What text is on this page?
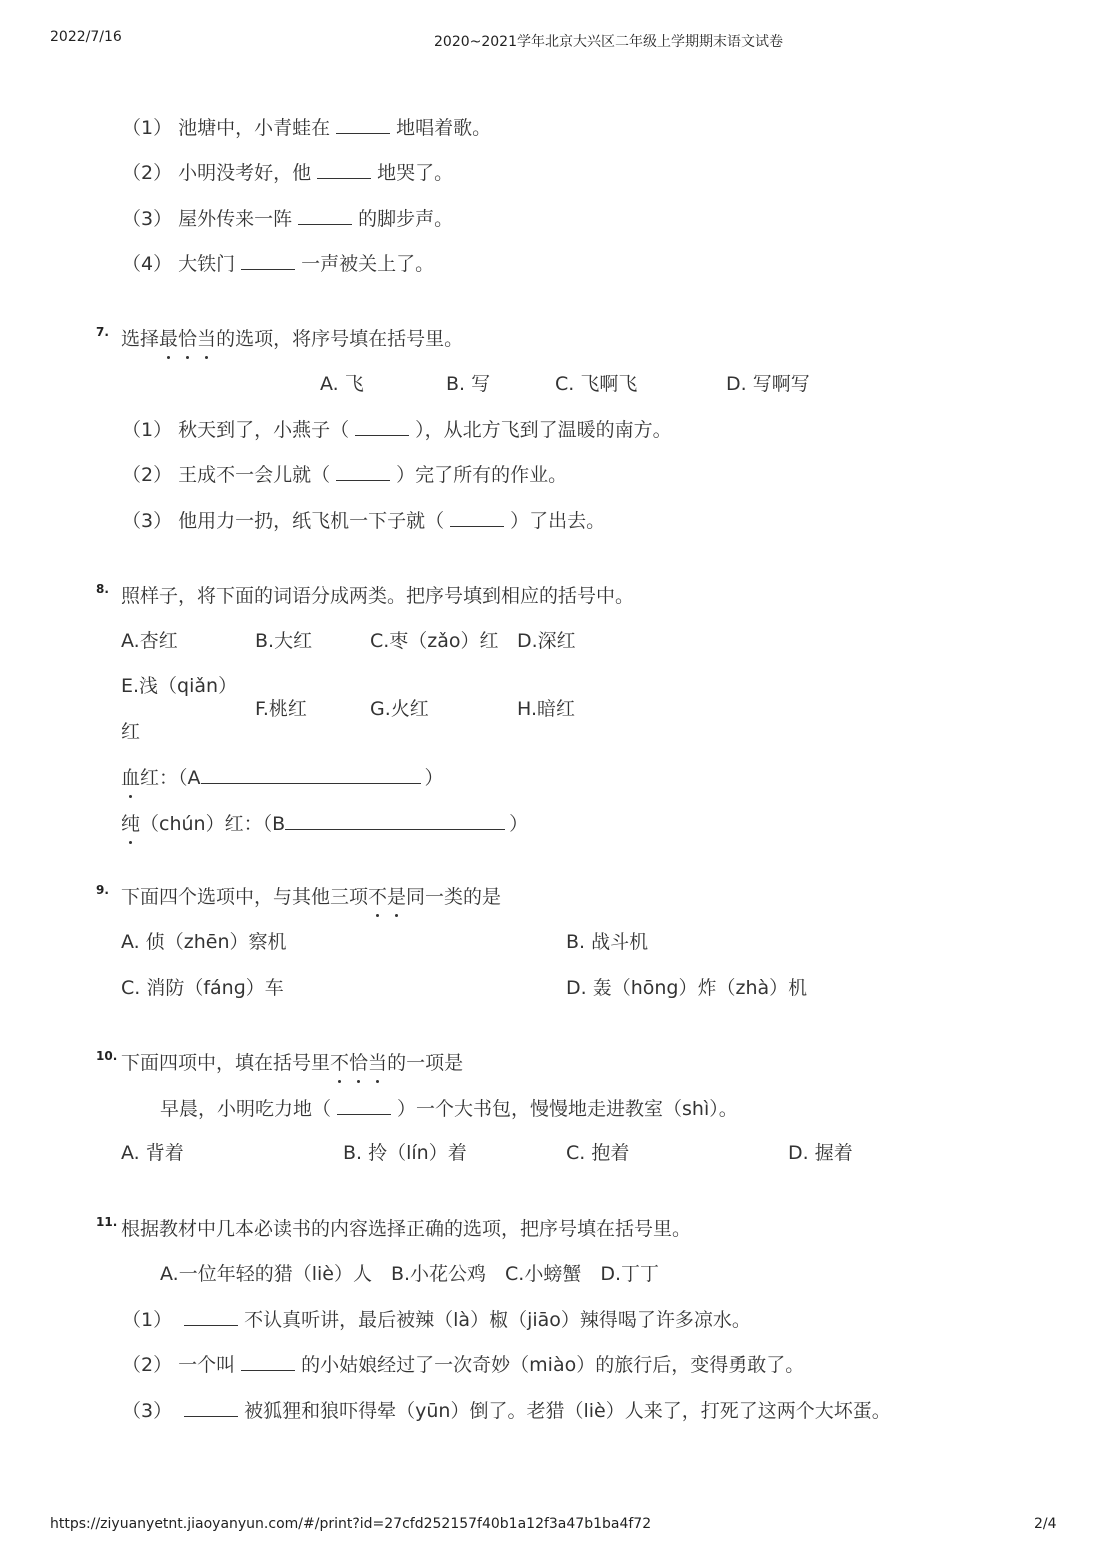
2022/7/16	2020~2021学年北京大兴区二年级上学期期末语文试卷
（1） 池塘中，小青蛙在	地唱着歌。
（2） 小明没考好，他	地哭了。
（3） 屋外传来一阵	的脚步声。
（4） 大铁门	一声被关上了。
7. 选择最恰当的选项，将序号填在括号里。
A. 飞	B. 写	C. 飞啊飞	D. 写啊写
（1） 秋天到了，小燕子（	），从北方飞到了温暖的南方。
（2） 王成不一会儿就（	）完了所有的作业。
（3） 他用力一扔，纸飞机一下子就（	）了出去。
8. 照样子，将下面的词语分成两类。把序号填到相应的括号中。
A.杏红	B.大红	C.枣（zǎo）红 D.深红
E.浅（qiǎn）
红
F.桃红	G.火红	H.暗红
血红：（A	）
纯（chún）红：（B	）
9. 下面四个选项中，与其他三项不是同一类的是
A. 侦（zhēn）察机	B. 战斗机
C. 消防（fánɡ）车	D. 轰（hōng）炸（zhà）机
10. 下面四项中，填在括号里不恰当的一项是
早晨，小明吃力地（	）一个大书包，慢慢地走进教室（shì）。
A. 背着	B. 拎（lín）着	C. 抱着	D. 握着
11. 根据教材中几本必读书的内容选择正确的选项，把序号填在括号里。
A.一位年轻的猎（liè）人　B.小花公鸡　C.小螃蟹　D.丁丁
（1）	不认真听讲，最后被辣（là）椒（jiāo）辣得喝了许多凉水。
（2） 一个叫	的小姑娘经过了一次奇妙（miào）的旅行后，变得勇敢了。
（3）	被狐狸和狼吓得晕（yūn）倒了。老猎（liè）人来了，打死了这两个大坏蛋。
https://ziyuanyetnt.jiaoyanyun.com/#/print?id=27cfd252157f40b1a12f3a47b1ba4f72	2/4
